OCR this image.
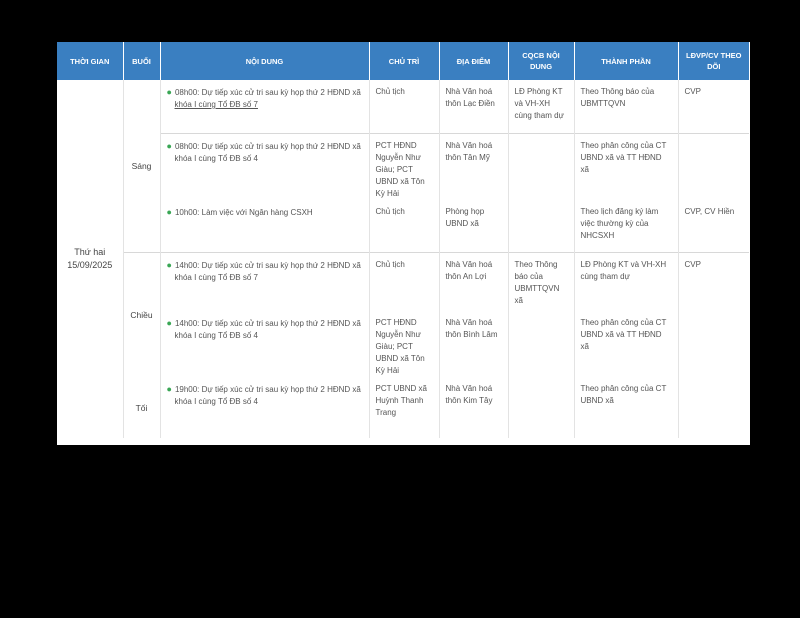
THỜI GIAN	BUỔI	NỘI DUNG	CHỦ TRÌ	ĐỊA ĐIỂM	CQCB NỘI DUNG	THÀNH PHẦN	LĐVP/CV THEO
DÕI

Thứ hai
15/09/2025	Sáng	● 08h00: Dự tiếp xúc cử tri sau kỳ họp thứ 2 HĐND xã
khóa I cùng Tổ ĐB số 7	Chủ tịch	Nhà Văn hoá thôn Lạc Điền	LĐ Phòng KT và VH-XH cùng tham dự	Theo Thông báo của UBMTTQVN	CVP

		● 08h00: Dự tiếp xúc cử tri sau kỳ họp thứ 2 HĐND xã
khóa I cùng Tổ ĐB số 4	PCT HĐND Nguyễn Như Giàu; PCT UBND xã Tôn Kỳ Hải	Nhà Văn hoá thôn Tân Mỹ		Theo phân công của CT UBND xã và TT HĐND xã	

		● 10h00: Làm việc với Ngân hàng CSXH	Chủ tịch	Phòng họp UBND xã		Theo lịch đăng ký làm việc thường kỳ của NHCSXH	CVP, CV Hiền
	Chiều	● 14h00: Dự tiếp xúc cử tri sau kỳ họp thứ 2 HĐND xã
khóa I cùng Tổ ĐB số 7	Chủ tịch	Nhà Văn hoá thôn An Lợi	Theo Thông báo của UBMTTQVN xã	LĐ Phòng KT và VH-XH cùng tham dự	CVP

		● 14h00: Dự tiếp xúc cử tri sau kỳ họp thứ 2 HĐND xã
khóa I cùng Tổ ĐB số 4	PCT HĐND Nguyễn Như Giàu; PCT UBND xã Tôn Kỳ Hải	Nhà Văn hoá thôn Bình Lâm		Theo phân công của CT UBND xã và TT HĐND xã	
	Tối	● 19h00: Dự tiếp xúc cử tri sau kỳ họp thứ 2 HĐND xã
khóa I cùng Tổ ĐB số 4	PCT UBND xã Huỳnh Thanh Trang	Nhà Văn hoá thôn Kim Tây		Theo phân công của CT UBND xã	
